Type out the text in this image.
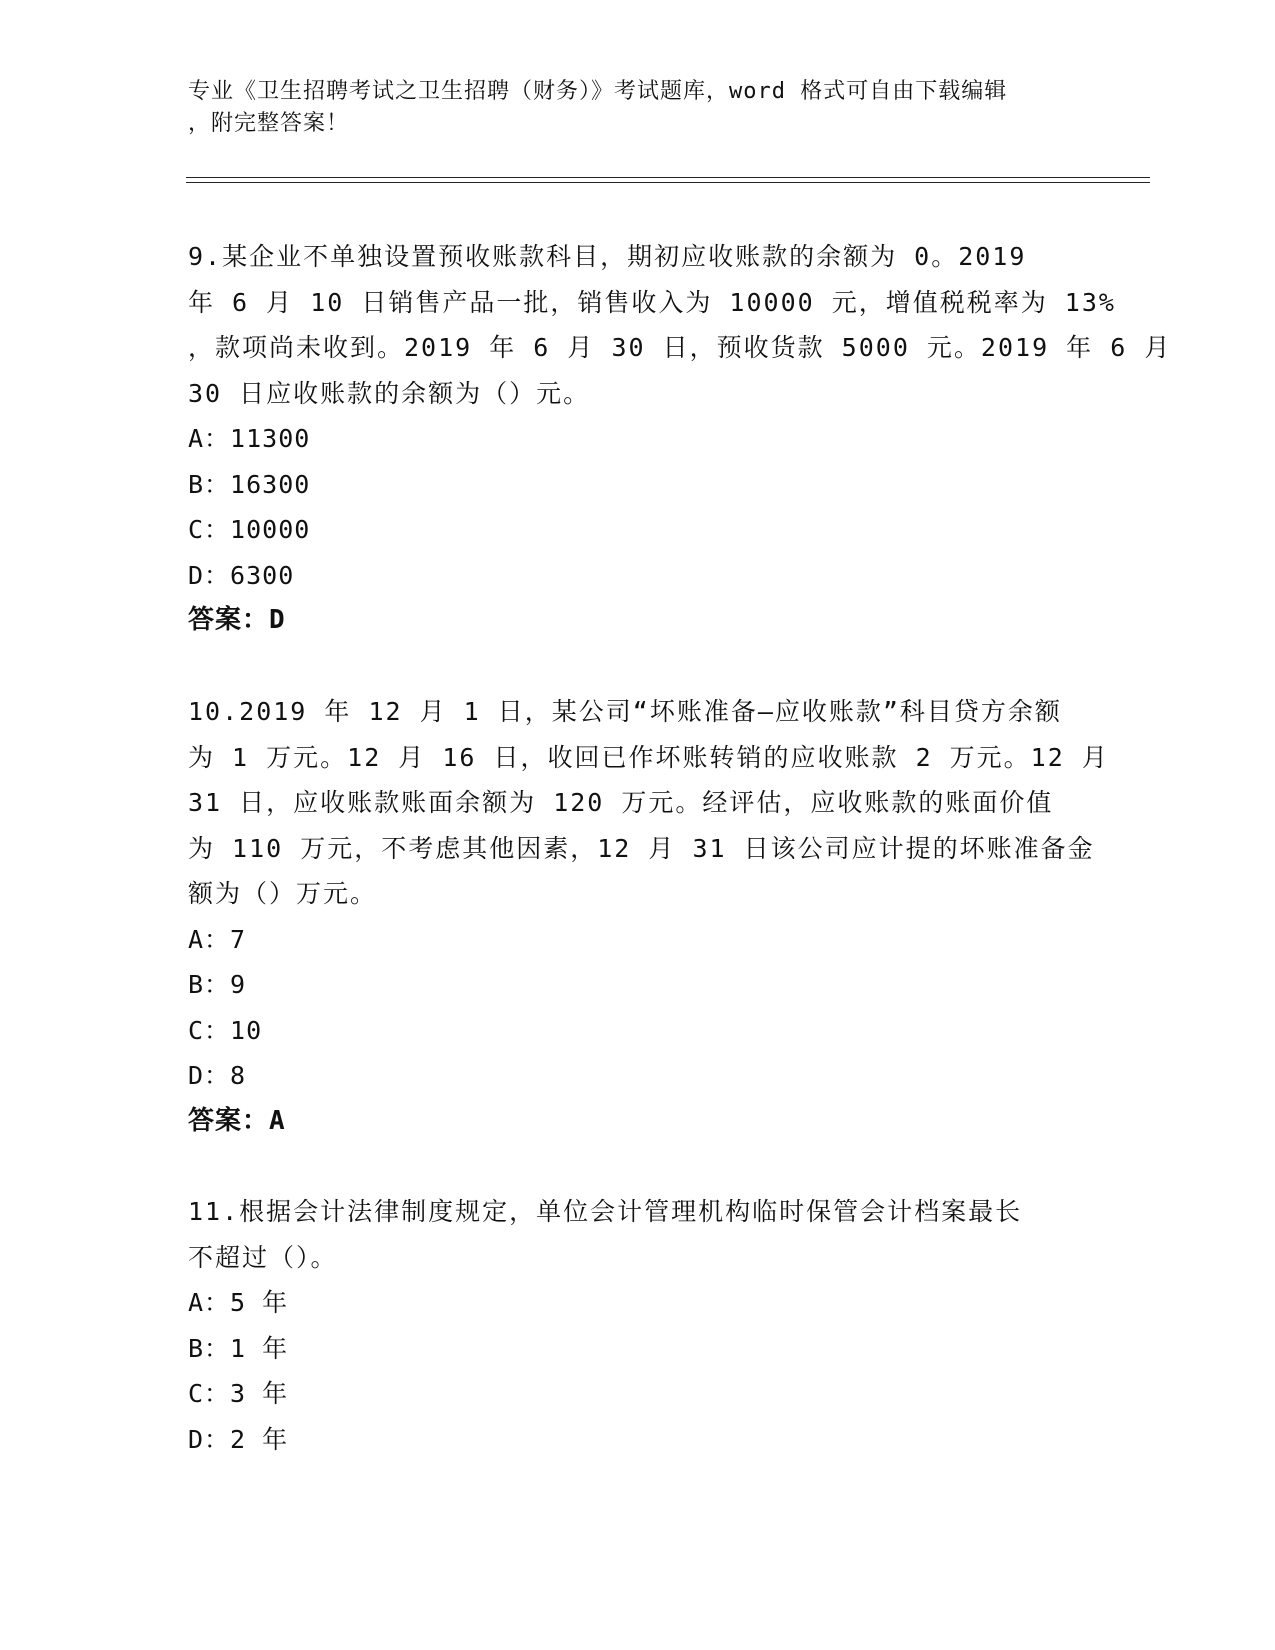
专业《卫生招聘考试之卫生招聘（财务）》考试题库，word 格式可自由下载编辑
，附完整答案！
9.某企业不单独设置预收账款科目，期初应收账款的余额为 0。2019
年 6 月 10 日销售产品一批，销售收入为 10000 元，增值税税率为 13%
，款项尚未收到。2019 年 6 月 30 日，预收货款 5000 元。2019 年 6 月
30 日应收账款的余额为（）元。
A：11300
B：16300
C：10000
D：6300
答案：D
10.2019 年 12 月 1 日，某公司“坏账准备—应收账款”科目贷方余额
为 1 万元。12 月 16 日，收回已作坏账转销的应收账款 2 万元。12 月
31 日，应收账款账面余额为 120 万元。经评估，应收账款的账面价值
为 110 万元，不考虑其他因素，12 月 31 日该公司应计提的坏账准备金
额为（）万元。
A：7
B：9
C：10
D：8
答案：A
11.根据会计法律制度规定，单位会计管理机构临时保管会计档案最长
不超过（）。
A：5 年
B：1 年
C：3 年
D：2 年
